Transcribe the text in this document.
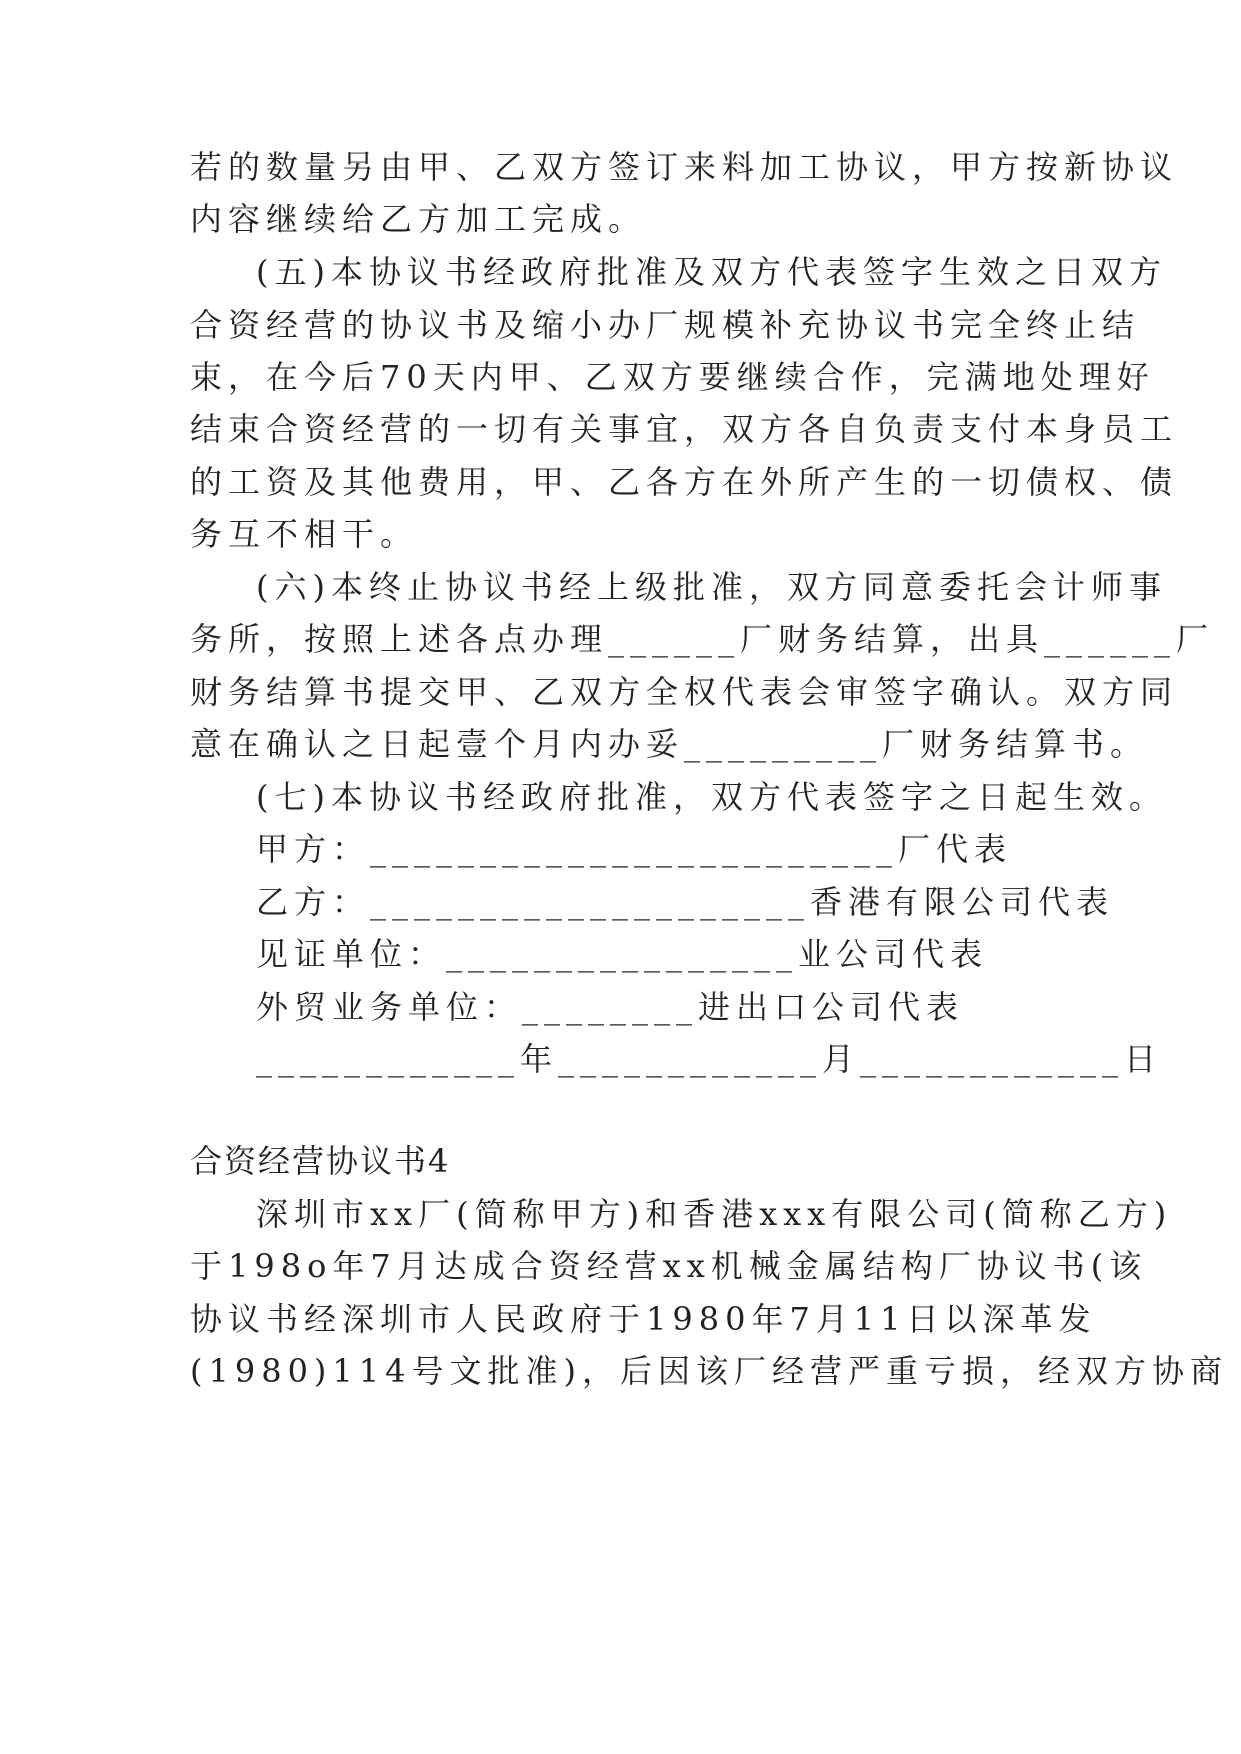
若的数量另由甲、乙双方签订来料加工协议，甲方按新协议
内容继续给乙方加工完成。
(五)本协议书经政府批准及双方代表签字生效之日双方
合资经营的协议书及缩小办厂规模补充协议书完全终止结
束，在今后70天内甲、乙双方要继续合作，完满地处理好
结束合资经营的一切有关事宜，双方各自负责支付本身员工
的工资及其他费用，甲、乙各方在外所产生的一切债权、债
务互不相干。
(六)本终止协议书经上级批准，双方同意委托会计师事
务所，按照上述各点办理______厂财务结算，出具______厂
财务结算书提交甲、乙双方全权代表会审签字确认。双方同
意在确认之日起壹个月内办妥_________厂财务结算书。
(七)本协议书经政府批准，双方代表签字之日起生效。
甲方：________________________厂代表
乙方：____________________香港有限公司代表
见证单位：________________业公司代表
外贸业务单位：________进出口公司代表
____________年____________月____________日
合资经营协议书4
深圳市xx厂(简称甲方)和香港xxx有限公司(简称乙方)
于198o年7月达成合资经营xx机械金属结构厂协议书(该
协议书经深圳市人民政府于1980年7月11日以深革发
(1980)114号文批准)，后因该厂经营严重亏损，经双方协商
